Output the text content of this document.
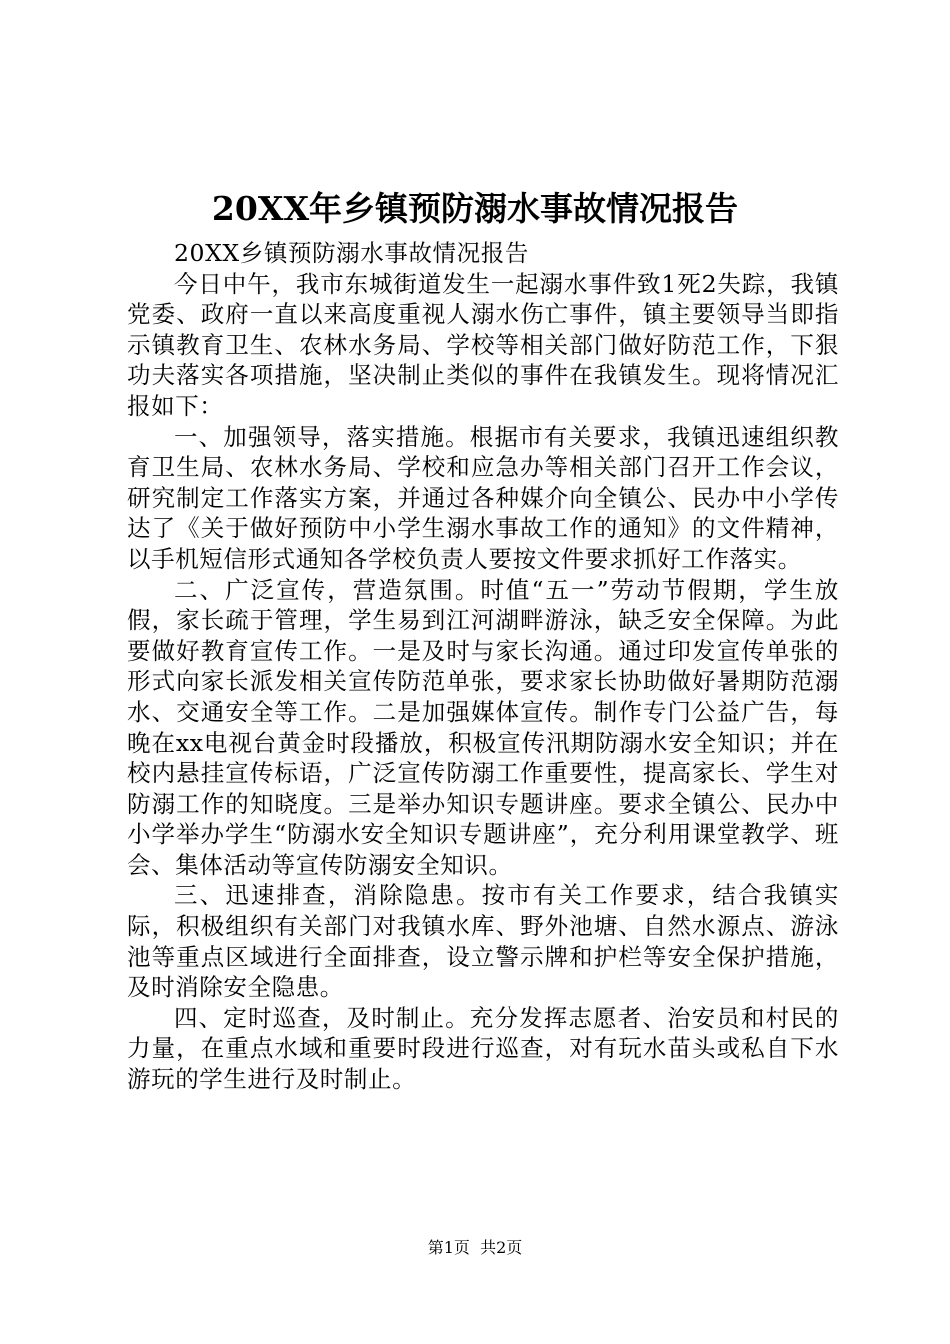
20XX年乡镇预防溺水事故情况报告

20XX乡镇预防溺水事故情况报告

今日中午，我市东城街道发生一起溺水事件致1死2失踪，我镇党委、政府一直以来高度重视人溺水伤亡事件，镇主要领导当即指示镇教育卫生、农林水务局、学校等相关部门做好防范工作，下狠功夫落实各项措施，坚决制止类似的事件在我镇发生。现将情况汇报如下：

一、加强领导，落实措施。根据市有关要求，我镇迅速组织教育卫生局、农林水务局、学校和应急办等相关部门召开工作会议，研究制定工作落实方案，并通过各种媒介向全镇公、民办中小学传达了《关于做好预防中小学生溺水事故工作的通知》的文件精神，以手机短信形式通知各学校负责人要按文件要求抓好工作落实。

二、广泛宣传，营造氛围。时值“五一”劳动节假期，学生放假，家长疏于管理，学生易到江河湖畔游泳，缺乏安全保障。为此要做好教育宣传工作。一是及时与家长沟通。通过印发宣传单张的形式向家长派发相关宣传防范单张，要求家长协助做好暑期防范溺水、交通安全等工作。二是加强媒体宣传。制作专门公益广告，每晚在xx电视台黄金时段播放，积极宣传汛期防溺水安全知识；并在校内悬挂宣传标语，广泛宣传防溺工作重要性，提高家长、学生对防溺工作的知晓度。三是举办知识专题讲座。要求全镇公、民办中小学举办学生“防溺水安全知识专题讲座”，充分利用课堂教学、班会、集体活动等宣传防溺安全知识。

三、迅速排查，消除隐患。按市有关工作要求，结合我镇实际，积极组织有关部门对我镇水库、野外池塘、自然水源点、游泳池等重点区域进行全面排查，设立警示牌和护栏等安全保护措施，及时消除安全隐患。

四、定时巡查，及时制止。充分发挥志愿者、治安员和村民的力量，在重点水域和重要时段进行巡查，对有玩水苗头或私自下水游玩的学生进行及时制止。

第1页 共2页
